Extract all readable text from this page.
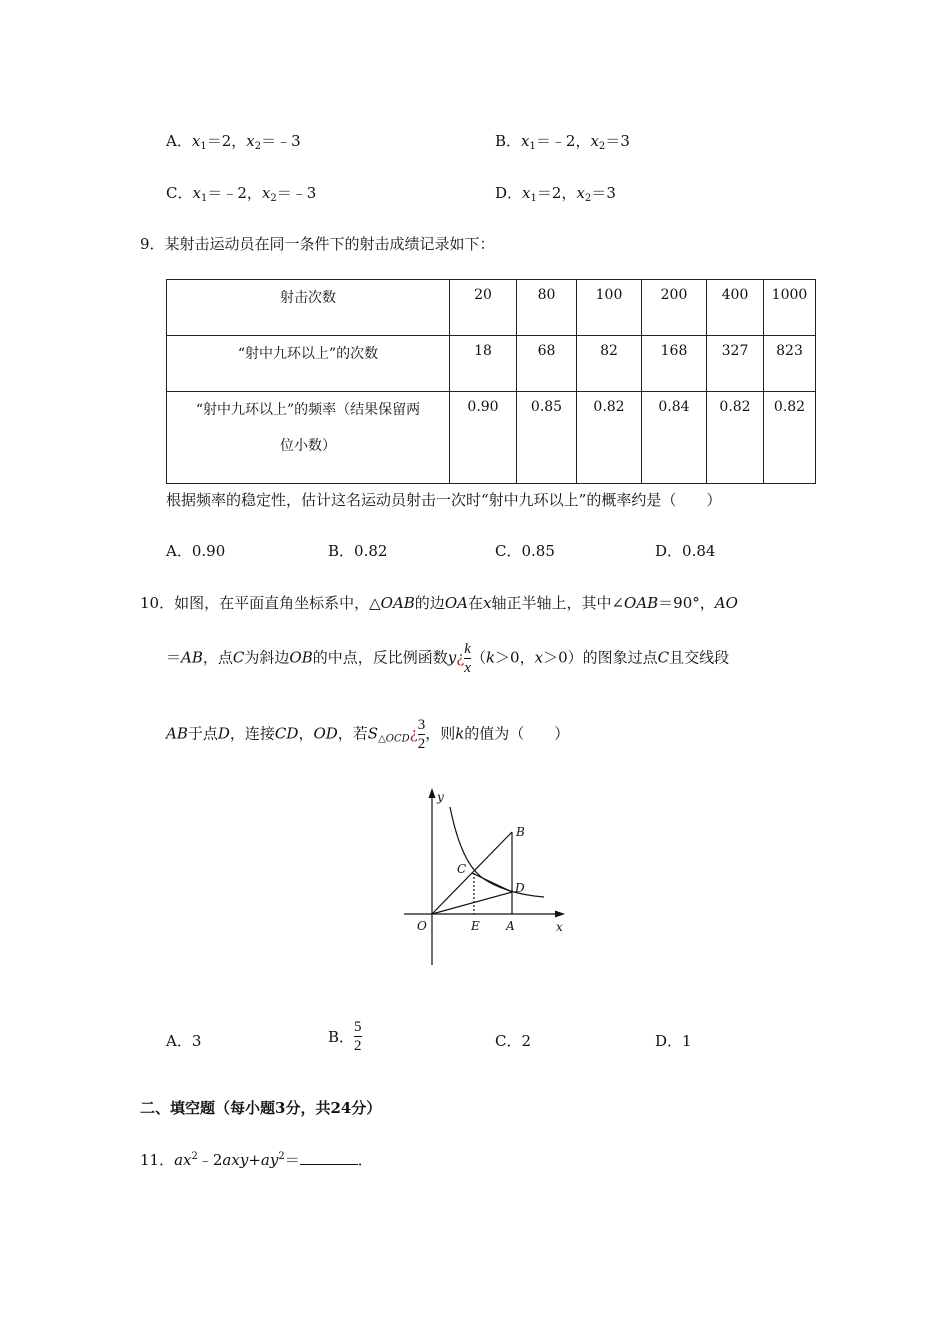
A．$x_1=2$，$x_2=﹣3$	B．$x_1=﹣2$，$x_2=3$
C．$x_1=﹣2$，$x_2=﹣3$	D．$x_1=2$，$x_2=3$
9．某射击运动员在同一条件下的射击成绩记录如下：
射击次数	20	80	100	200	400	1000
“射中九环以上”的次数	18	68	82	168	327	823

“射中九环以上”的频率（结果保留两
位小数）	0.90	0.85	0.82	0.84	0.82	0.82
根据频率的稳定性，估计这名运动员射击一次时“射中九环以上”的概率约是（　　）
A．0.90	B．0.82	C．0.85	D．0.84
10．如图，在平面直角坐标系中，△OAB的边OA在x轴正半轴上，其中∠OAB＝90°，AO
＝AB，点C为斜边OB的中点，反比例函数y¿ $\frac{k}{x} (k>0$，x＞0）的图象过点C且交线段
AB于点D，连接CD，OD，若$S_{\triangle OCD}¿ \frac{3}{2}$ ，则k的值为（　　）
y
x
O	E A
B
C
D
A．3	B． $\frac{5}{2}$	C．2	D．1
二、填空题（每小题3分，共24分）
11．$ax^2﹣2axy+ay^2=$	．
